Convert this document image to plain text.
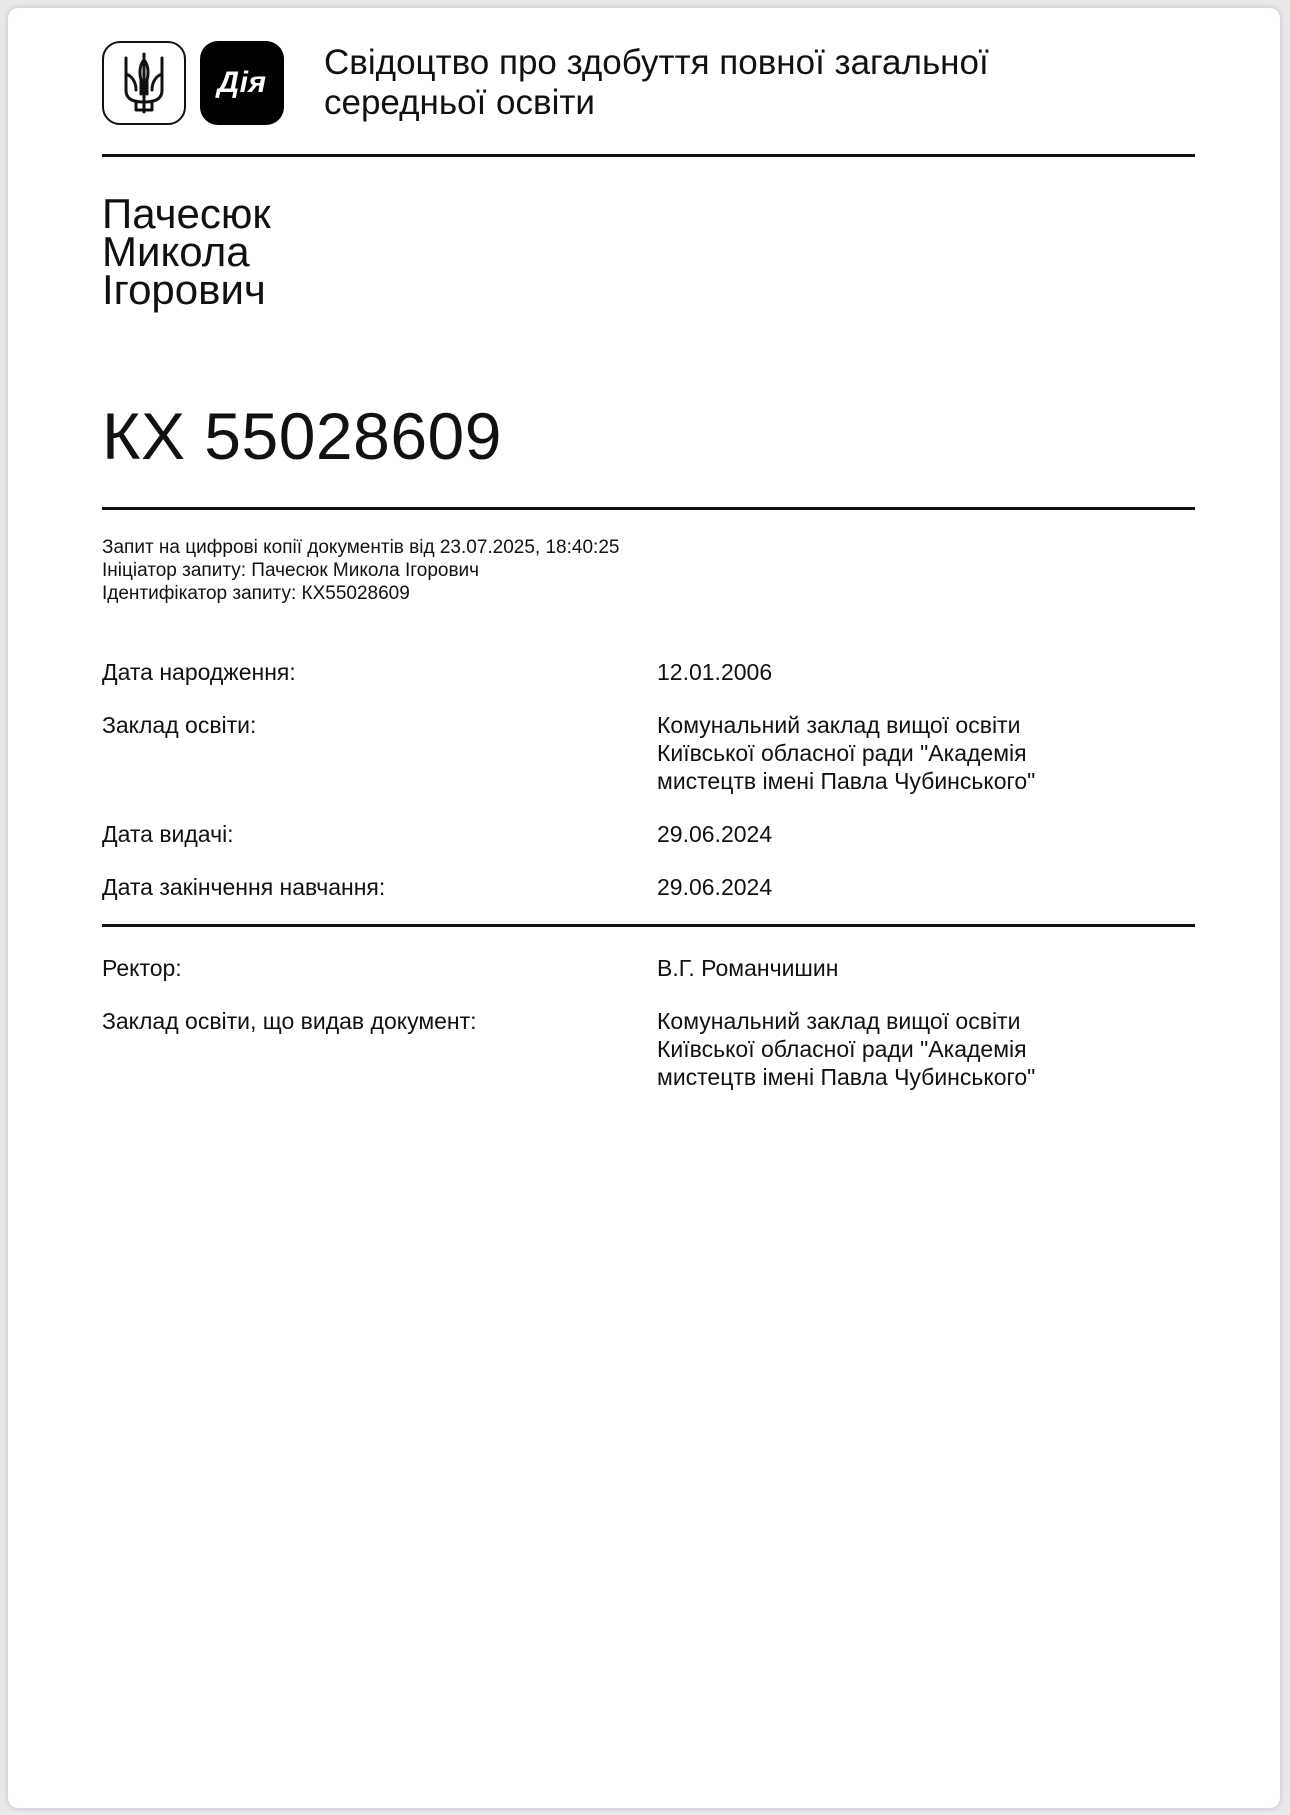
Дія
Свідоцтво про здобуття повної загальної
середньої освіти
Пачесюк
Микола
Ігорович
КХ 55028609
Запит на цифрові копії документів від 23.07.2025, 18:40:25
Ініціатор запиту: Пачесюк Микола Ігорович
Ідентифікатор запиту: КХ55028609
Дата народження:	12.01.2006
Заклад освіти:	Комунальний заклад вищої освіти
Київської обласної ради "Академія
мистецтв імені Павла Чубинського"
Дата видачі:	29.06.2024
Дата закінчення навчання:	29.06.2024
Ректор:	В.Г. Романчишин
Заклад освіти, що видав документ:	Комунальний заклад вищої освіти
Київської обласної ради "Академія
мистецтв імені Павла Чубинського"
